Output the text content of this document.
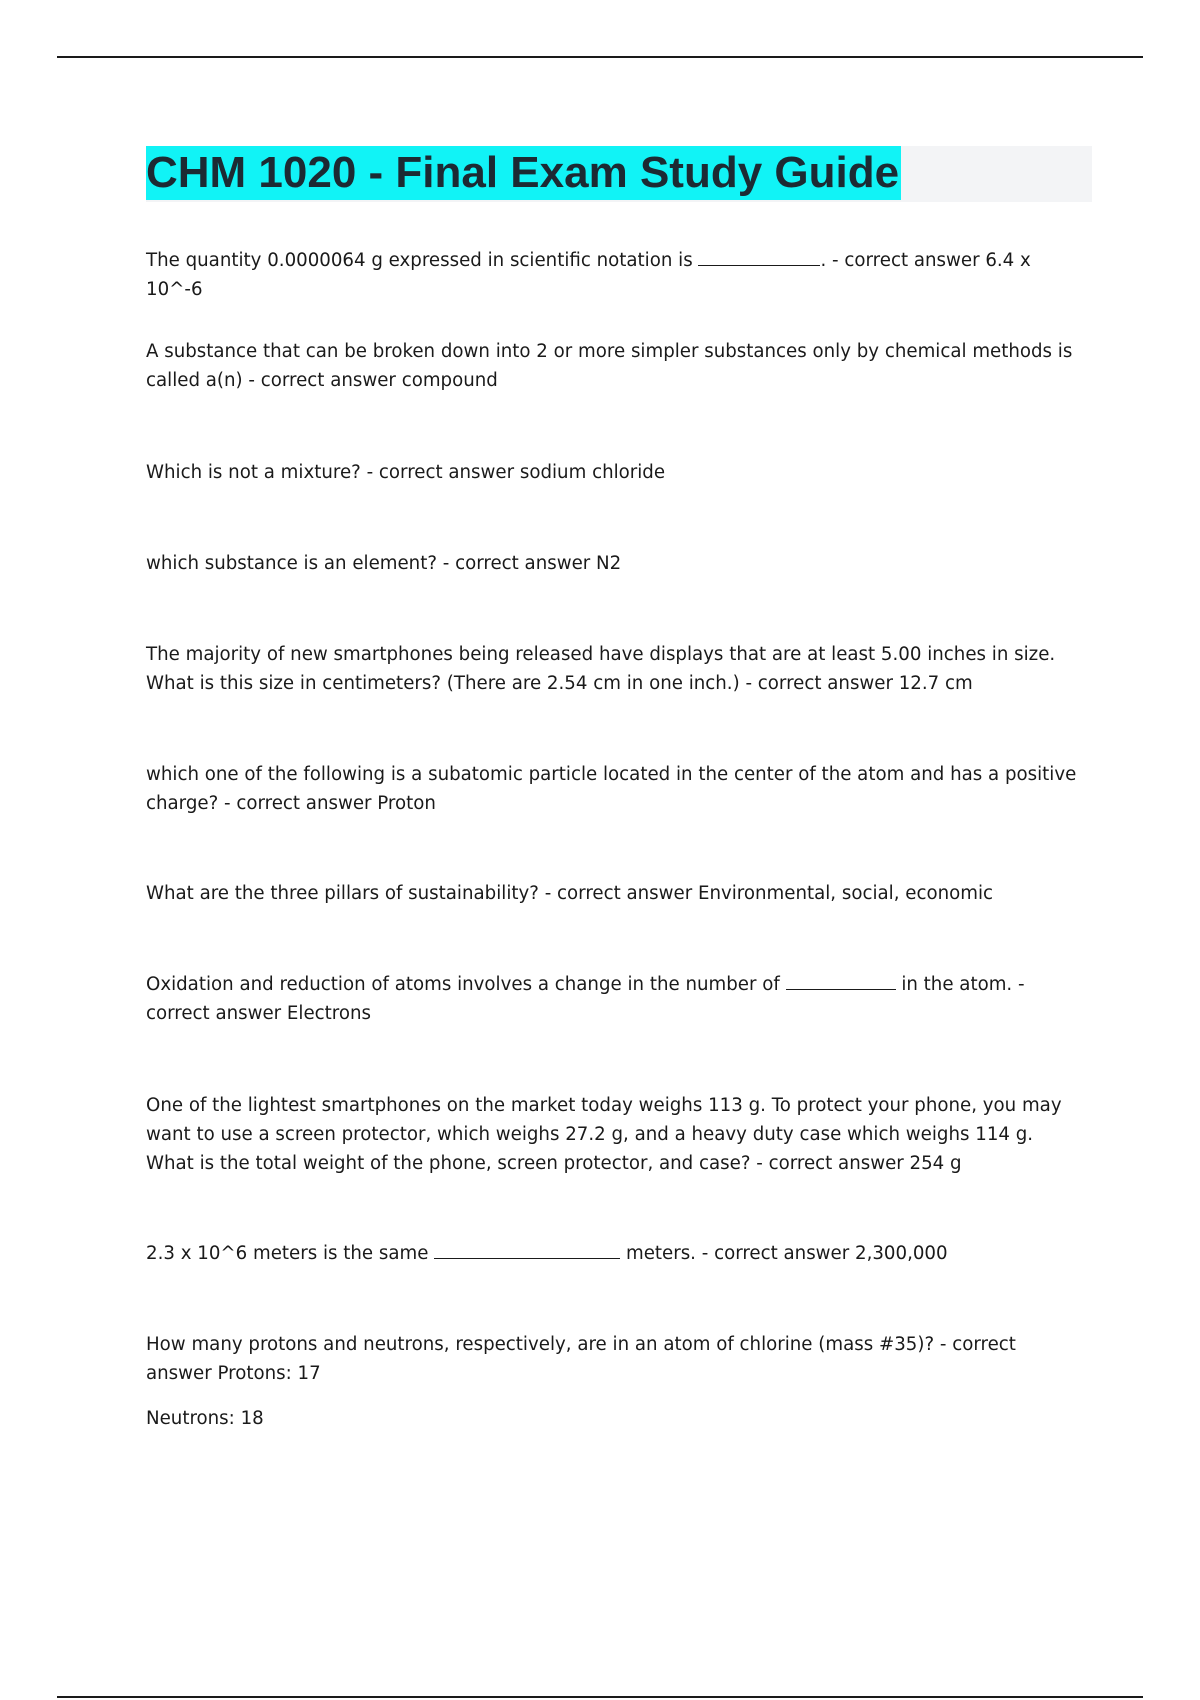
CHM 1020 - Final Exam Study Guide

The quantity 0.0000064 g expressed in scientific notation is	. - correct answer 6.4 x 10^-6

A substance that can be broken down into 2 or more simpler substances only by chemical methods is called a(n) - correct answer compound

Which is not a mixture? - correct answer sodium chloride

which substance is an element? - correct answer N2

The majority of new smartphones being released have displays that are at least 5.00 inches in size. What is this size in centimeters? (There are 2.54 cm in one inch.) - correct answer 12.7 cm

which one of the following is a subatomic particle located in the center of the atom and has a positive charge? - correct answer Proton

What are the three pillars of sustainability? - correct answer Environmental, social, economic

Oxidation and reduction of atoms involves a change in the number of	in the atom. - correct answer Electrons

One of the lightest smartphones on the market today weighs 113 g. To protect your phone, you may want to use a screen protector, which weighs 27.2 g, and a heavy duty case which weighs 114 g. What is the total weight of the phone, screen protector, and case? - correct answer 254 g

2.3 x 10^6 meters is the same	meters. - correct answer 2,300,000

How many protons and neutrons, respectively, are in an atom of chlorine (mass #35)? - correct answer Protons: 17

Neutrons: 18
